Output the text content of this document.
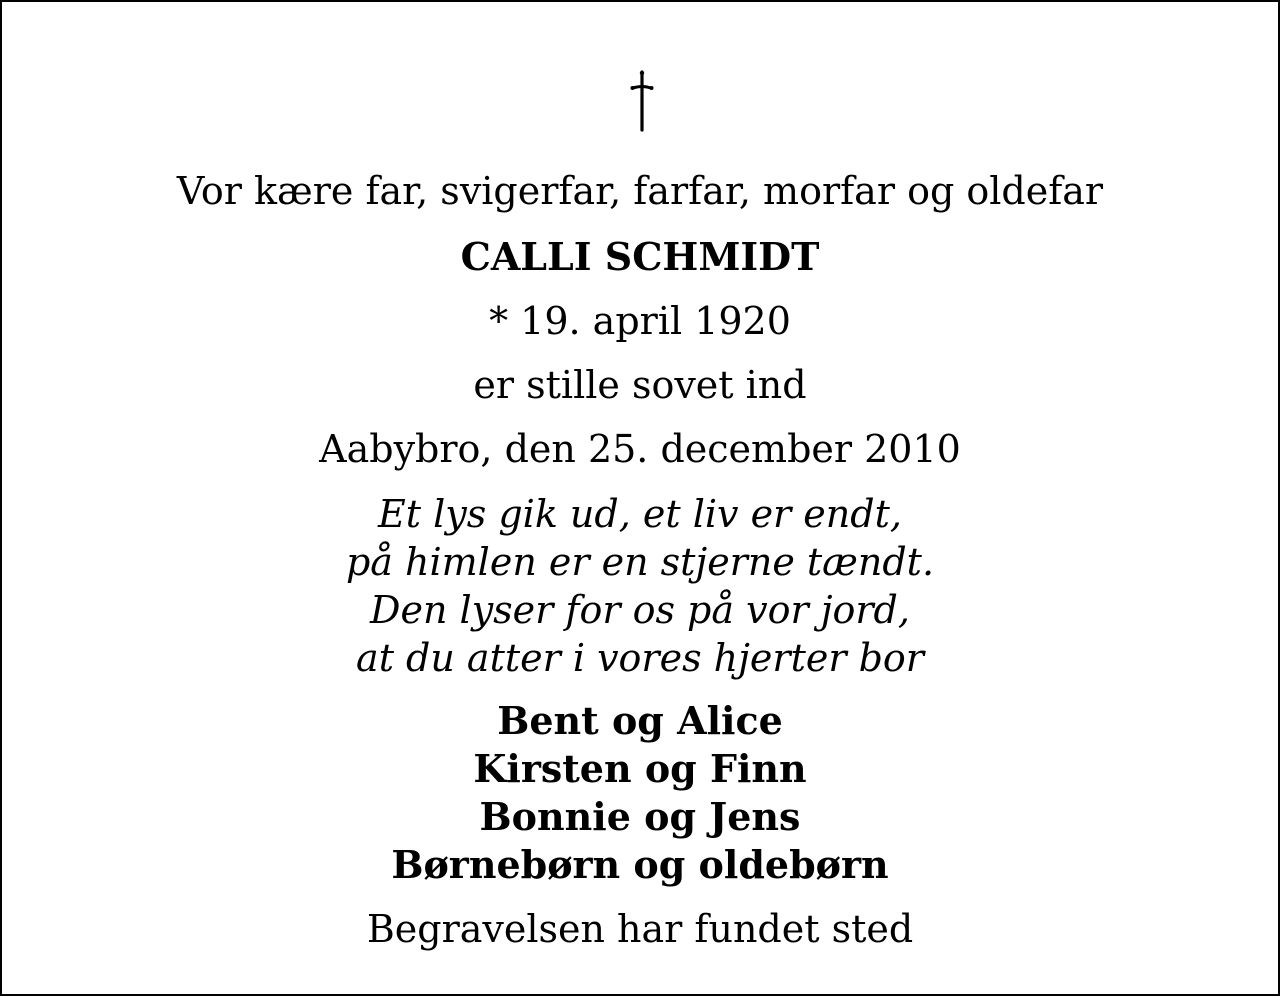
Vor kære far, svigerfar, farfar, morfar og oldefar
CALLI SCHMIDT
* 19. april 1920
er stille sovet ind
Aabybro, den 25. december 2010
Et lys gik ud, et liv er endt,
på himlen er en stjerne tændt.
Den lyser for os på vor jord,
at du atter i vores hjerter bor
Bent og Alice
Kirsten og Finn
Bonnie og Jens
Børnebørn og oldebørn
Begravelsen har fundet sted
